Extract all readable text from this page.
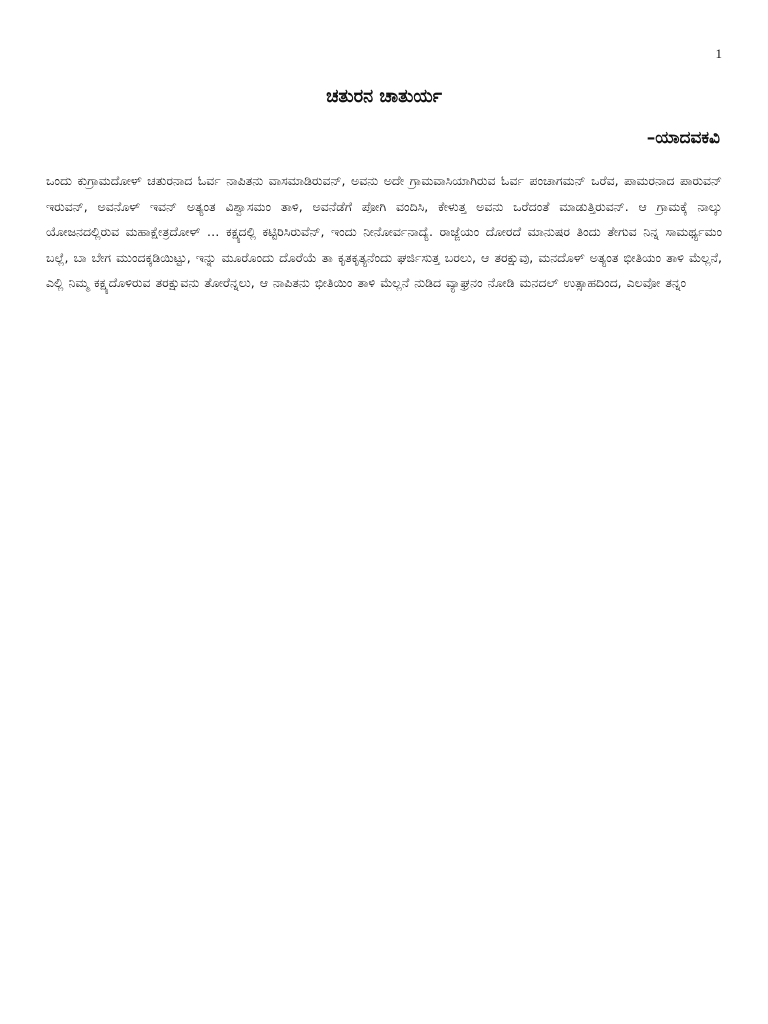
1
ಚತುರನ ಚಾತುರ್ಯ
–ಯಾದವಕವಿ

ಒಂದು ಕುಗ್ರಾಮದೋಳ್ ಚತುರನಾದ ಓರ್ವ ನಾಪಿತನು ವಾಸಮಾಡಿರುವನ್, ಅವನು ಅದೇ ಗ್ರಾಮವಾಸಿಯಾಗಿರುವ ಓರ್ವ ಪಂಚಾಗಮನ್ ಒರೆವ, ಪಾಮರನಾದ ಪಾರುವನ್ ಇರುವನ್, ಅವನೊಳ್ ಇವನ್ ಅತ್ಯಂತ ವಿಶ್ವಾಸಮಂ ತಾಳಿ, ಅವನೆಡೆಗೆ ಪೋಗಿ ವಂದಿಸಿ, ಕೇಳುತ್ತ ಅವನು ಒರೆದಂತೆ ಮಾಡುತ್ತಿರುವನ್. ಆ ಗ್ರಾಮಕ್ಕೆ ನಾಲ್ಕು ಯೋಜನದಲ್ಲಿರುವ ಮಹಾಕ್ಷೇತ್ರದೋಳ್ … ಕಕ್ಷ್ಯದಲ್ಲಿ ಕಟ್ಟಿರಿಸಿರುವೆನ್, ಇಂದು ನೀನೋರ್ವನಾದ್ಯೆ. ರಾಜ್ಜೆಯಂ ದೋರದೆ ಮಾನುಷರ ತಿಂದು ತೇಗುವ ನಿನ್ನ ಸಾಮರ್ಥ್ಯಮಂ ಬಲ್ಲೆ, ಬಾ ಬೇಗ ಮುಂದಕ್ಕಡಿಯಿಟ್ಟು, ಇನ್ನು ಮೂರೊಂದು ದೊರೆಯೆ ತಾ ಕೃತಕೃತ್ಯನೆಂದು ಘರ್ಜಿಸುತ್ತ ಬರಲು, ಆ ತರಕ್ಷುವು, ಮನದೊಳ್ ಅತ್ಯಂತ ಭೀತಿಯಂ ತಾಳಿ ಮೆಲ್ಲನೆ, ಎಲ್ಲಿ ನಿಮ್ಮ ಕಕ್ಷ್ಯದೊಳಿರುವ ತರಕ್ಷುವನು ತೋರೆನ್ನಲು, ಆ ನಾಪಿತನು ಭೀತಿಯಿಂ ತಾಳಿ ಮೆಲ್ಲನೆ ನುಡಿದ ವ್ಯಾಘ್ರನಂ ನೋಡಿ ಮನದಲ್ ಉತ್ಸಾಹದಿಂದ, ಎಲವೋ ತನ್ನಂ
